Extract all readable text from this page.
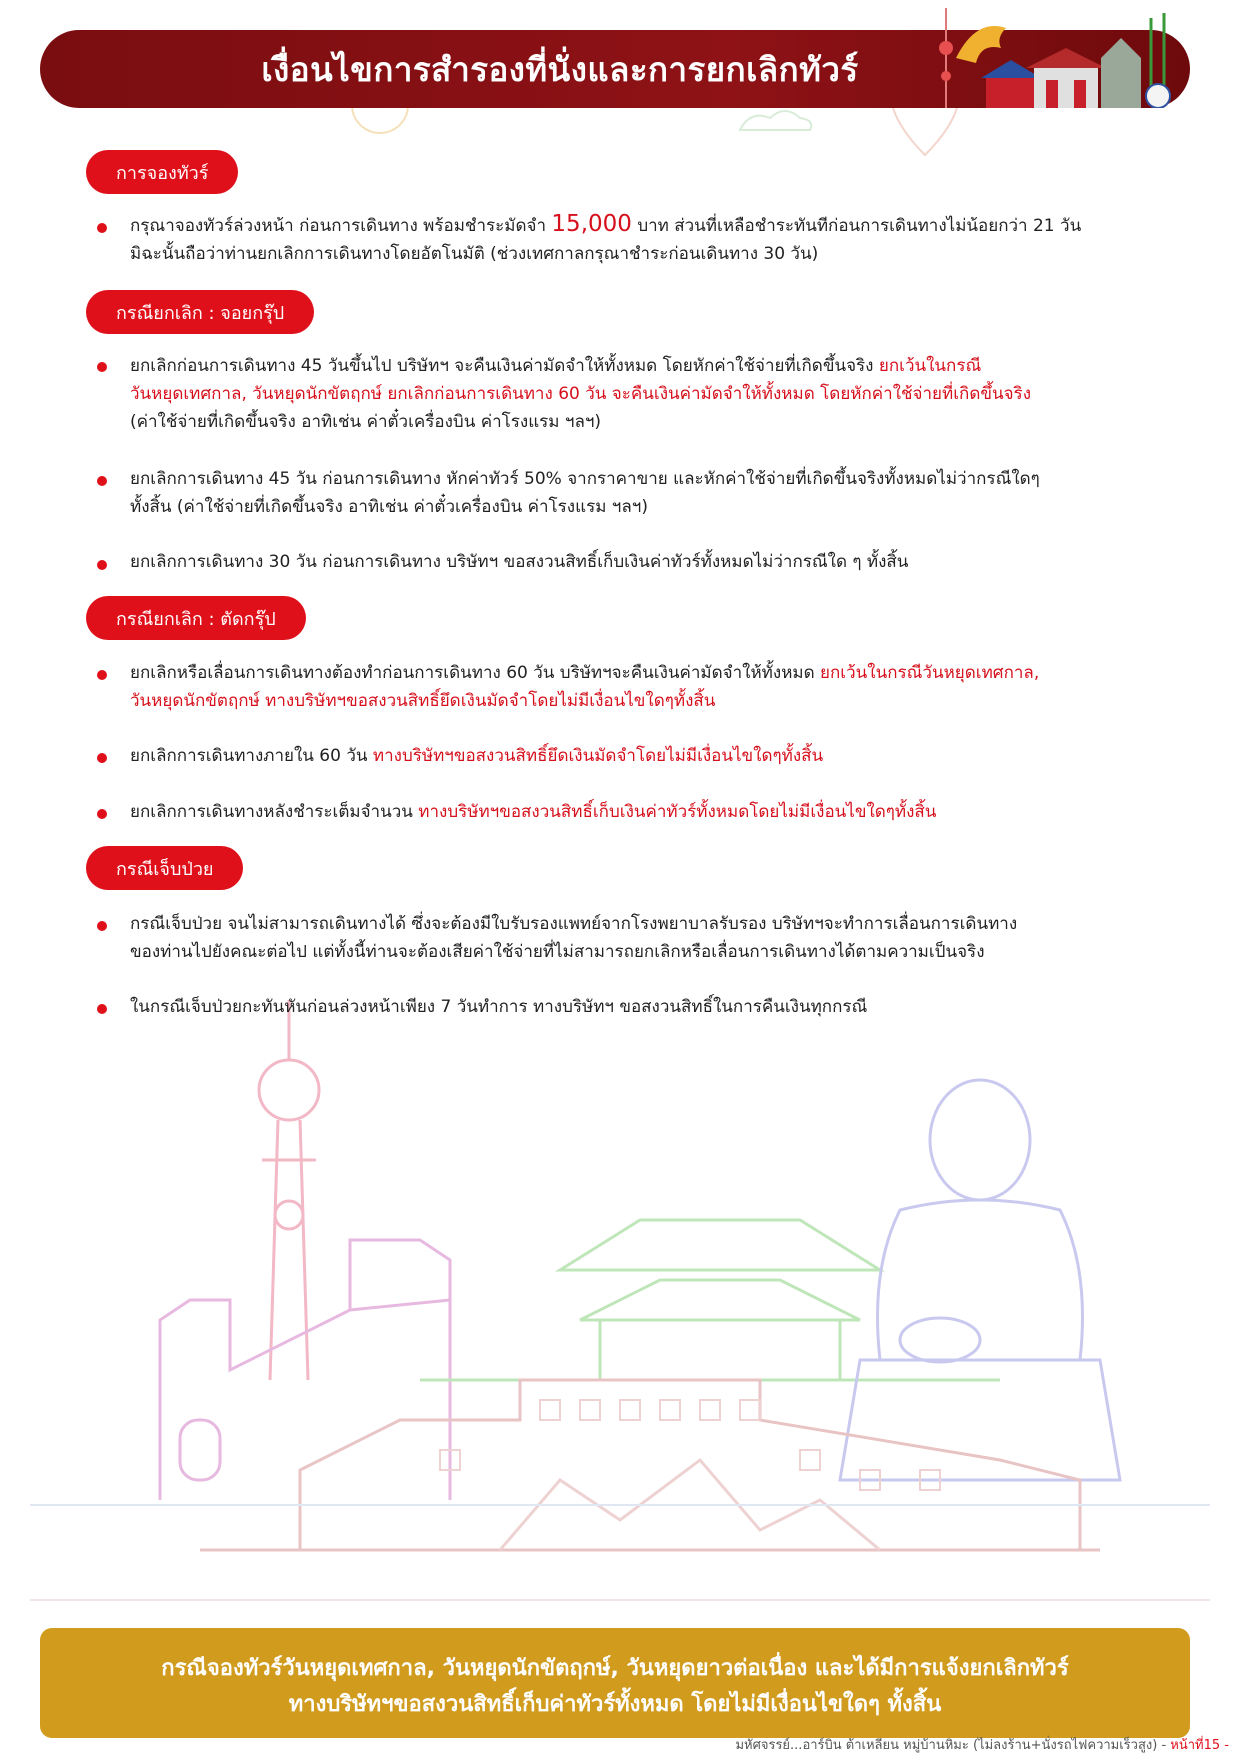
เงื่อนไขการสำรองที่นั่งและการยกเลิกทัวร์
การจองทัวร์
กรุณาจองทัวร์ล่วงหน้า ก่อนการเดินทาง พร้อมชำระมัดจำ 15,000 บาท ส่วนที่เหลือชำระทันทีก่อนการเดินทางไม่น้อยกว่า 21 วัน
มิฉะนั้นถือว่าท่านยกเลิกการเดินทางโดยอัตโนมัติ (ช่วงเทศกาลกรุณาชำระก่อนเดินทาง 30 วัน)
กรณียกเลิก : จอยกรุ๊ป
ยกเลิกก่อนการเดินทาง 45 วันขึ้นไป บริษัทฯ จะคืนเงินค่ามัดจำให้ทั้งหมด โดยหักค่าใช้จ่ายที่เกิดขึ้นจริง ยกเว้นในกรณี
วันหยุดเทศกาล, วันหยุดนักขัตฤกษ์ ยกเลิกก่อนการเดินทาง 60 วัน จะคืนเงินค่ามัดจำให้ทั้งหมด โดยหักค่าใช้จ่ายที่เกิดขึ้นจริง
(ค่าใช้จ่ายที่เกิดขึ้นจริง อาทิเช่น ค่าตั๋วเครื่องบิน ค่าโรงแรม ฯลฯ)
ยกเลิกการเดินทาง 45 วัน ก่อนการเดินทาง หักค่าทัวร์ 50% จากราคาขาย และหักค่าใช้จ่ายที่เกิดขึ้นจริงทั้งหมดไม่ว่ากรณีใดๆ
ทั้งสิ้น (ค่าใช้จ่ายที่เกิดขึ้นจริง อาทิเช่น ค่าตั๋วเครื่องบิน ค่าโรงแรม ฯลฯ)
ยกเลิกการเดินทาง 30 วัน ก่อนการเดินทาง บริษัทฯ ขอสงวนสิทธิ์เก็บเงินค่าทัวร์ทั้งหมดไม่ว่ากรณีใด ๆ ทั้งสิ้น
กรณียกเลิก : ตัดกรุ๊ป
ยกเลิกหรือเลื่อนการเดินทางต้องทำก่อนการเดินทาง 60 วัน บริษัทฯจะคืนเงินค่ามัดจำให้ทั้งหมด ยกเว้นในกรณีวันหยุดเทศกาล,
วันหยุดนักขัตฤกษ์ ทางบริษัทฯขอสงวนสิทธิ์ยึดเงินมัดจำโดยไม่มีเงื่อนไขใดๆทั้งสิ้น
ยกเลิกการเดินทางภายใน 60 วัน ทางบริษัทฯขอสงวนสิทธิ์ยึดเงินมัดจำโดยไม่มีเงื่อนไขใดๆทั้งสิ้น
ยกเลิกการเดินทางหลังชำระเต็มจำนวน ทางบริษัทฯขอสงวนสิทธิ์เก็บเงินค่าทัวร์ทั้งหมดโดยไม่มีเงื่อนไขใดๆทั้งสิ้น
กรณีเจ็บป่วย
กรณีเจ็บป่วย จนไม่สามารถเดินทางได้ ซึ่งจะต้องมีใบรับรองแพทย์จากโรงพยาบาลรับรอง บริษัทฯจะทำการเลื่อนการเดินทาง
ของท่านไปยังคณะต่อไป แต่ทั้งนี้ท่านจะต้องเสียค่าใช้จ่ายที่ไม่สามารถยกเลิกหรือเลื่อนการเดินทางได้ตามความเป็นจริง
ในกรณีเจ็บป่วยกะทันหันก่อนล่วงหน้าเพียง 7 วันทำการ ทางบริษัทฯ ขอสงวนสิทธิ์ในการคืนเงินทุกกรณี
กรณีจองทัวร์วันหยุดเทศกาล, วันหยุดนักขัตฤกษ์, วันหยุดยาวต่อเนื่อง และได้มีการแจ้งยกเลิกทัวร์
ทางบริษัทฯขอสงวนสิทธิ์เก็บค่าทัวร์ทั้งหมด โดยไม่มีเงื่อนไขใดๆ ทั้งสิ้น
มหัศจรรย์...อาร์บิน ต้าเหลียน หมู่บ้านหิมะ (ไม่ลงร้าน+นั่งรถไฟความเร็วสูง) - หน้าที่15 -
